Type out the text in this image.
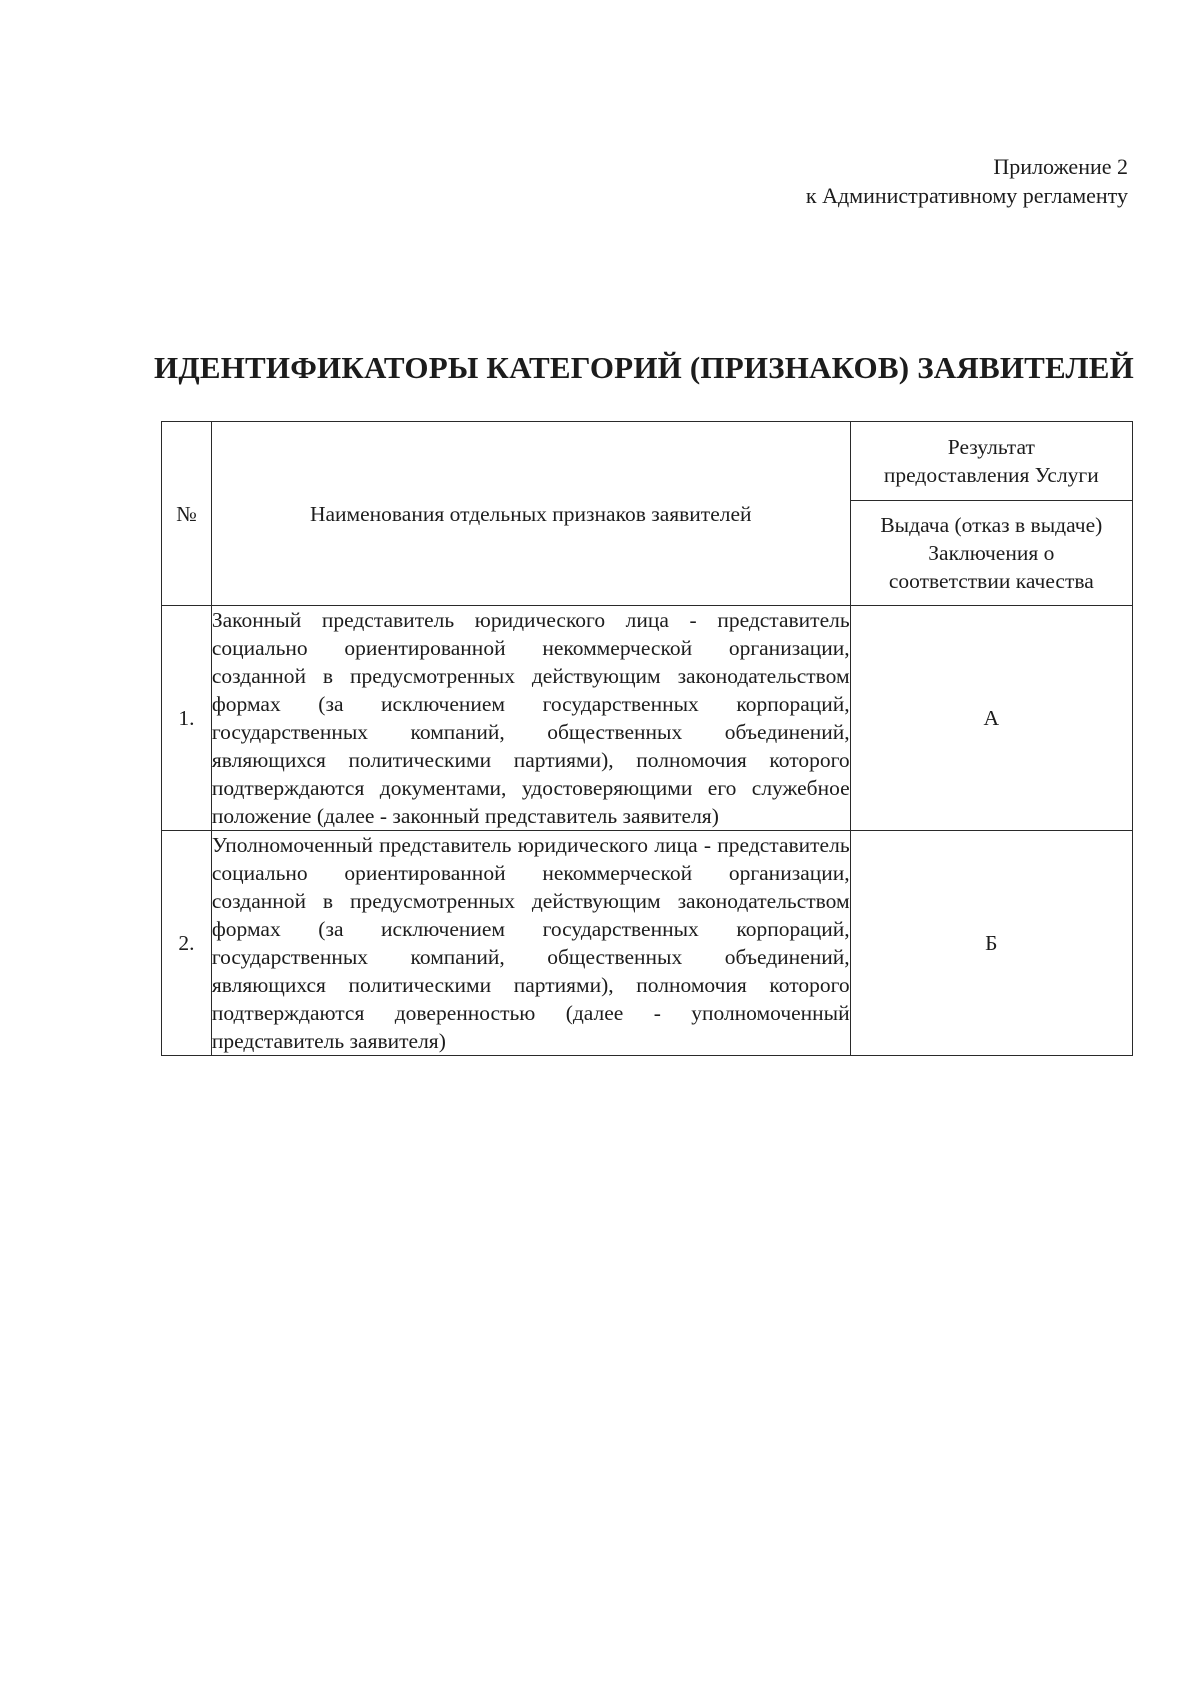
Приложение 2
к Административному регламенту
ИДЕНТИФИКАТОРЫ КАТЕГОРИЙ (ПРИЗНАКОВ) ЗАЯВИТЕЛЕЙ
№	Наименования отдельных признаков заявителей	Результат
предоставления Услуги

		Выдача (отказ в выдаче)
Заключения о
соответствии качества

1.	Законный представитель юридического лица - представитель социально ориентированной некоммерческой организации, созданной в предусмотренных действующим законодательством формах (за исключением государственных корпораций, государственных компаний, общественных объединений, являющихся политическими партиями), полномочия которого подтверждаются документами, удостоверяющими его служебное положение (далее - законный представитель заявителя)	А
2.	Уполномоченный представитель юридического лица - представитель социально ориентированной некоммерческой организации, созданной в предусмотренных действующим законодательством формах (за исключением государственных корпораций, государственных компаний, общественных объединений, являющихся политическими партиями), полномочия которого подтверждаются доверенностью (далее - уполномоченный представитель заявителя)	Б
